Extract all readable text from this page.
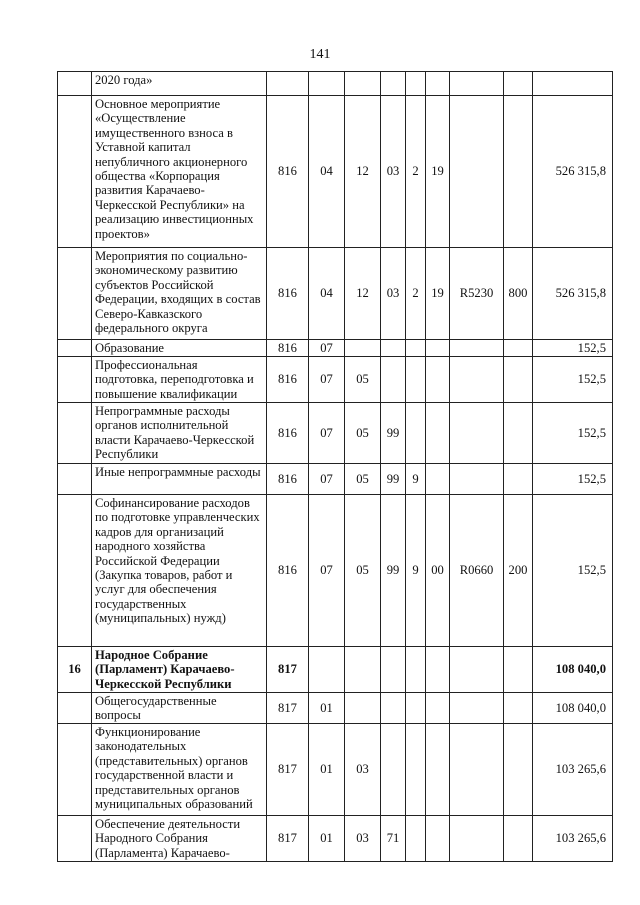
141
	2020 года»									
	Основное мероприятие «Осуществление имущественного взноса в Уставной капитал непубличного акционерного общества «Корпорация развития Карачаево-Черкесской Республики» на реализацию инвестиционных проектов»	816	04	12	03	2	19			526 315,8
	Мероприятия по социально-экономическому развитию субъектов Российской Федерации, входящих в состав Северо-Кавказского федерального округа	816	04	12	03	2	19	R5230	800	526 315,8
	Образование	816	07							152,5
	Профессиональная подготовка, переподготовка и повышение квалификации	816	07	05						152,5
	Непрограммные расходы органов исполнительной власти Карачаево-Черкесской Республики	816	07	05	99					152,5
	Иные непрограммные расходы	816	07	05	99	9				152,5
	Софинансирование расходов по подготовке управленческих кадров для организаций народного хозяйства Российской Федерации (Закупка товаров, работ и услуг для обеспечения государственных (муниципальных) нужд)	816	07	05	99	9	00	R0660	200	152,5
16	Народное Собрание (Парламент) Карачаево-Черкесской Республики	817								108 040,0
	Общегосударственные вопросы	817	01							108 040,0
	Функционирование законодательных (представительных) органов государственной власти и представительных органов муниципальных образований	817	01	03						103 265,6
	Обеспечение деятельности Народного Собрания (Парламента) Карачаево-	817	01	03	71					103 265,6
